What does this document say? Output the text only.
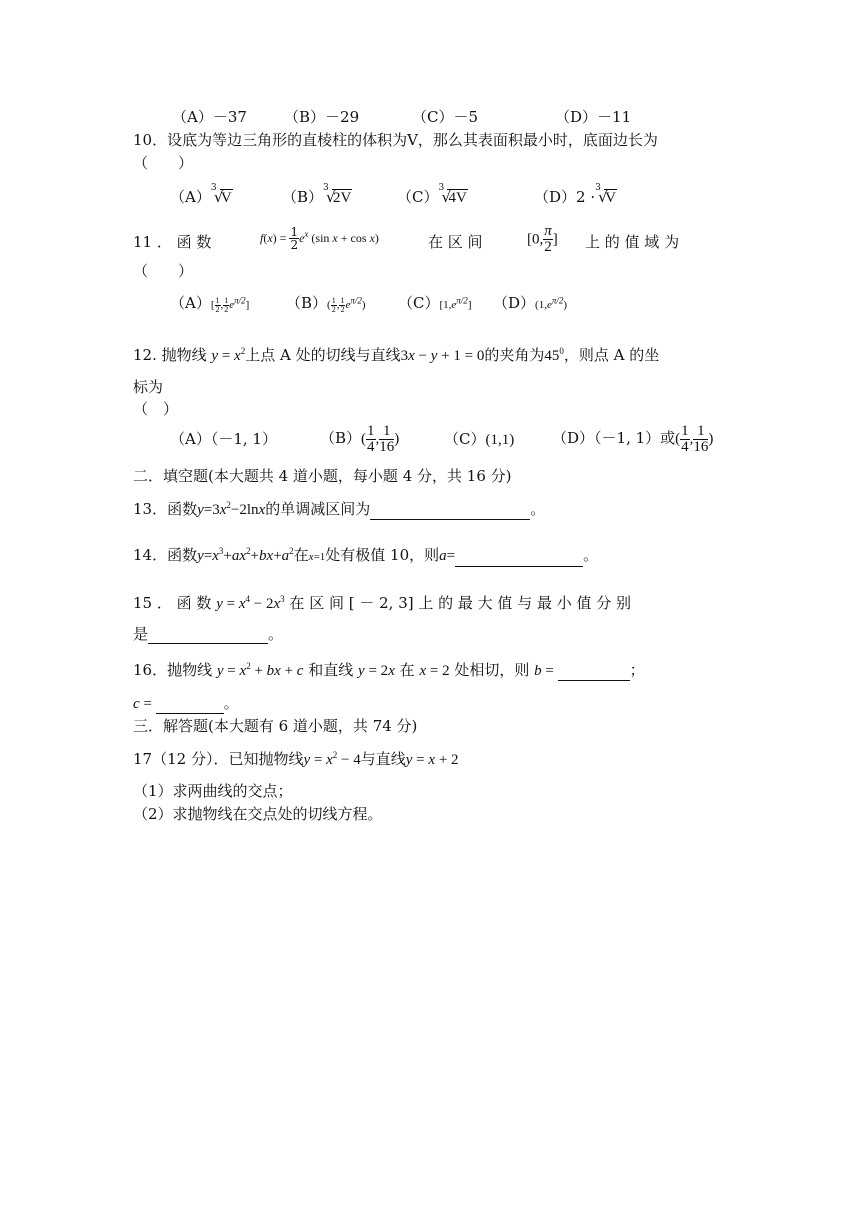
（A）－37 （B）－29	（C）－5	（D）－11
10．设底为等边三角形的直棱柱的体积为V，那么其表面积最小时，底面边长为
（　　）
（A） 3
√
V	（B） 3
√
2V	（C） 3
√
4V	（D）2 · 3
√
V
11 ． 函 数	$f(x) = \frac{1}{2} e^x$ (sin x + cos x)	在 区 间	[0, $\frac{\pi}{2}$ ] 上 的 值 域 为
（　　）
$(A)[ \frac{1}{2}$ , $\frac{1}{2} e^{\pi/2}$] $(B)( \frac{1}{2}$ , $\frac{1}{2} e^{\pi/2}$) $(C)[1,e^{\pi/2}]$ $(D)(1,e^{\pi/2})$
12. 抛物线 $y = x^2$上点 A 处的切线与直线3x − y + 1 = 0的夹角为$45^0$，则点 A 的坐
标为
（　）
（A）（－1, 1）	$(B)( \frac{1}{4}$ , $\frac{1}{16}$ )	（C）(1,1)	（D）（－1, 1）或( $\frac{1}{4}$ , $\frac{1}{16}$ )
二．填空题(本大题共 4 道小题，每小题 4 分，共 16 分)
13．函数$y=3x^2-2\ln x$的单调减区间为	。
14．函数$y=x^3+ax^2+bx+a^2$在x=1处有极值 10，则a=	。
15 ． 函 数 $y = x^4 - 2x^3$ 在 区 间 [ － 2, 3] 上 的 最 大 值 与 最 小 值 分 别
是	。
16．抛物线 $y = x^2$ + bx + c 和直线 y = 2x 在 x = 2 处相切，则 b =	；
c =	。
三．解答题(本大题有 6 道小题，共 74 分)
17（12 分）．已知抛物线$y = x^2 - 4$与直线y = x + 2
（1）求两曲线的交点；
（2）求抛物线在交点处的切线方程。
